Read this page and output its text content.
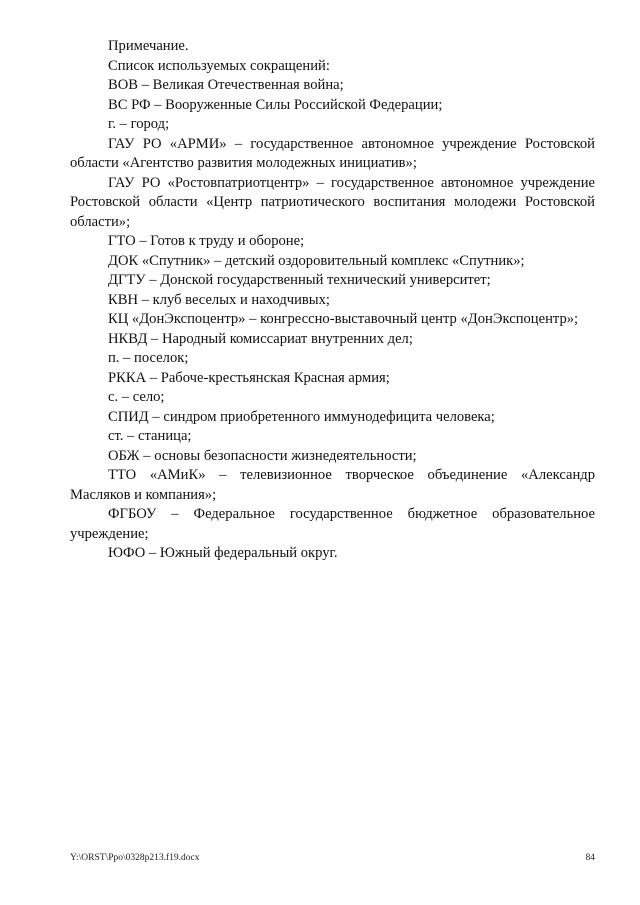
Примечание.

Список используемых сокращений:

ВОВ – Великая Отечественная война;

ВС РФ – Вооруженные Силы Российской Федерации;

г. – город;

ГАУ РО «АРМИ» – государственное автономное учреждение Ростовской области «Агентство развития молодежных инициатив»;

ГАУ РО «Ростовпатриотцентр» – государственное автономное учреждение Ростовской области «Центр патриотического воспитания молодежи Ростовской области»;

ГТО – Готов к труду и обороне;

ДОК «Спутник» – детский оздоровительный комплекс «Спутник»;

ДГТУ – Донской государственный технический университет;

КВН – клуб веселых и находчивых;

КЦ «ДонЭкспоцентр» – конгрессно-выставочный центр «ДонЭкспоцентр»;

НКВД – Народный комиссариат внутренних дел;

п. – поселок;

РККА – Рабоче-крестьянская Красная армия;

с. – село;

СПИД – синдром приобретенного иммунодефицита человека;

ст. – станица;

ОБЖ – основы безопасности жизнедеятельности;

ТТО «АМиК» – телевизионное творческое объединение «Александр Масляков и компания»;

ФГБОУ – Федеральное государственное бюджетное образовательное учреждение;

ЮФО – Южный федеральный округ.

Y:\ORST\Ppo\0328p213.f19.docx	84
